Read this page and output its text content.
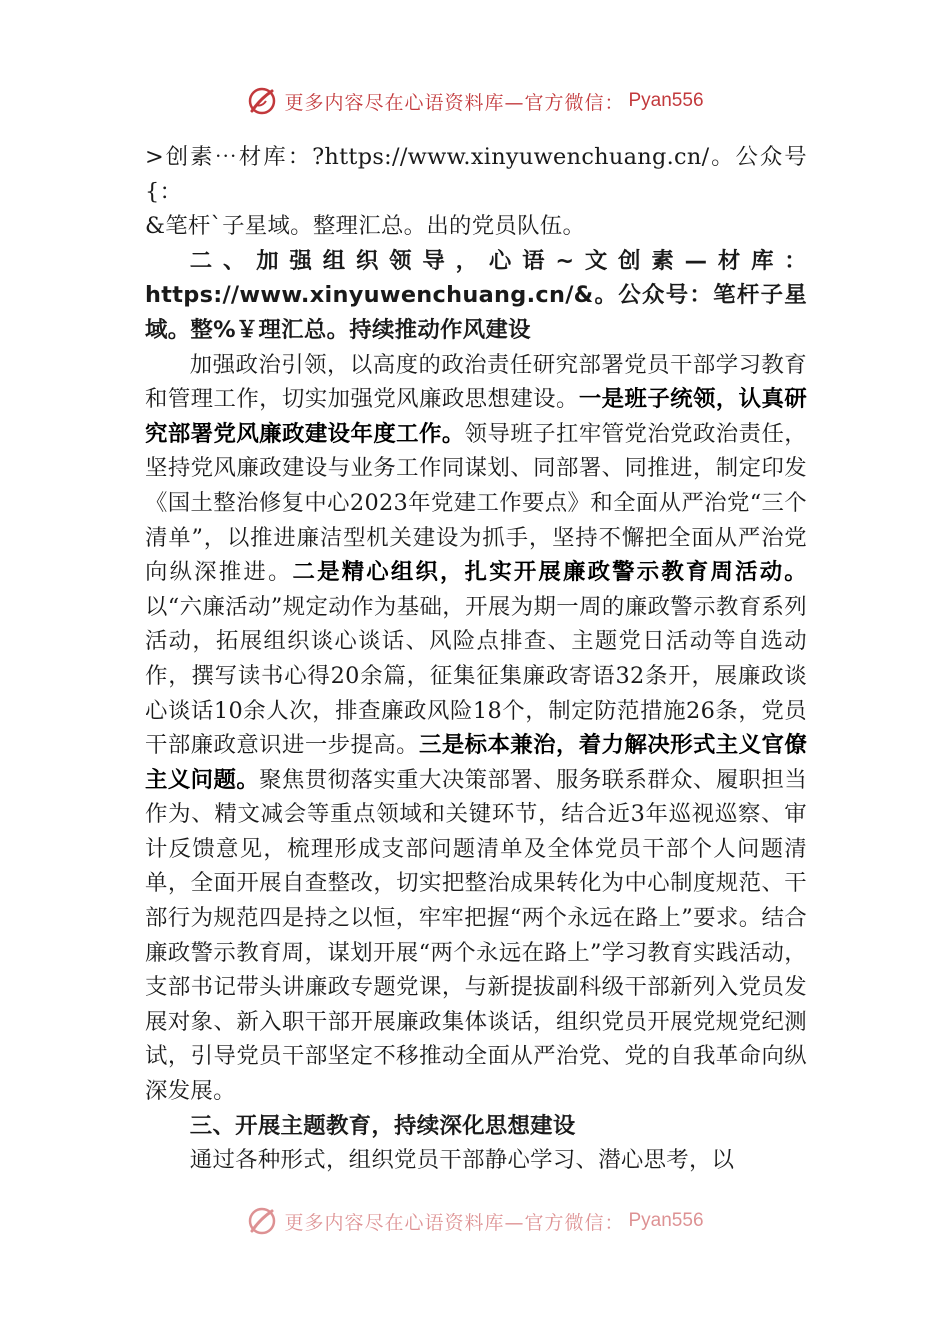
更多内容尽在心语资料库—官方微信： Pyan556

>创素⋯材库：?https://www.xinyuwenchuang.cn/。公众号{：

&笔杆`子星域。整理汇总。出的党员队伍。

二、加强组织领导，心语~文创素—材库：https://www.xinyuwenchuang.cn/&。公众号：笔杆子星域。整%￥理汇总。持续推动作风建设

加强政治引领，以高度的政治责任研究部署党员干部学习教育和管理工作，切实加强党风廉政思想建设。一是班子统领，认真研究部署党风廉政建设年度工作。领导班子扛牢管党治党政治责任，坚持党风廉政建设与业务工作同谋划、同部署、同推进，制定印发《国土整治修复中心2023年党建工作要点》和全面从严治党“三个清单”，以推进廉洁型机关建设为抓手，坚持不懈把全面从严治党向纵深推进。二是精心组织，扎实开展廉政警示教育周活动。以“六廉活动”规定动作为基础，开展为期一周的廉政警示教育系列活动，拓展组织谈心谈话、风险点排查、主题党日活动等自选动作，撰写读书心得20余篇，征集征集廉政寄语32条开，展廉政谈心谈话10余人次，排查廉政风险18个，制定防范措施26条，党员干部廉政意识进一步提高。三是标本兼治，着力解决形式主义官僚主义问题。聚焦贯彻落实重大决策部署、服务联系群众、履职担当作为、精文减会等重点领域和关键环节，结合近3年巡视巡察、审计反馈意见，梳理形成支部问题清单及全体党员干部个人问题清单，全面开展自查整改，切实把整治成果转化为中心制度规范、干部行为规范四是持之以恒，牢牢把握“两个永远在路上”要求。结合廉政警示教育周，谋划开展“两个永远在路上”学习教育实践活动，支部书记带头讲廉政专题党课，与新提拔副科级干部新列入党员发展对象、新入职干部开展廉政集体谈话，组织党员开展党规党纪测试，引导党员干部坚定不移推动全面从严治党、党的自我革命向纵深发展。

三、开展主题教育，持续深化思想建设

通过各种形式，组织党员干部静心学习、潜心思考，以

更多内容尽在心语资料库—官方微信： Pyan556
